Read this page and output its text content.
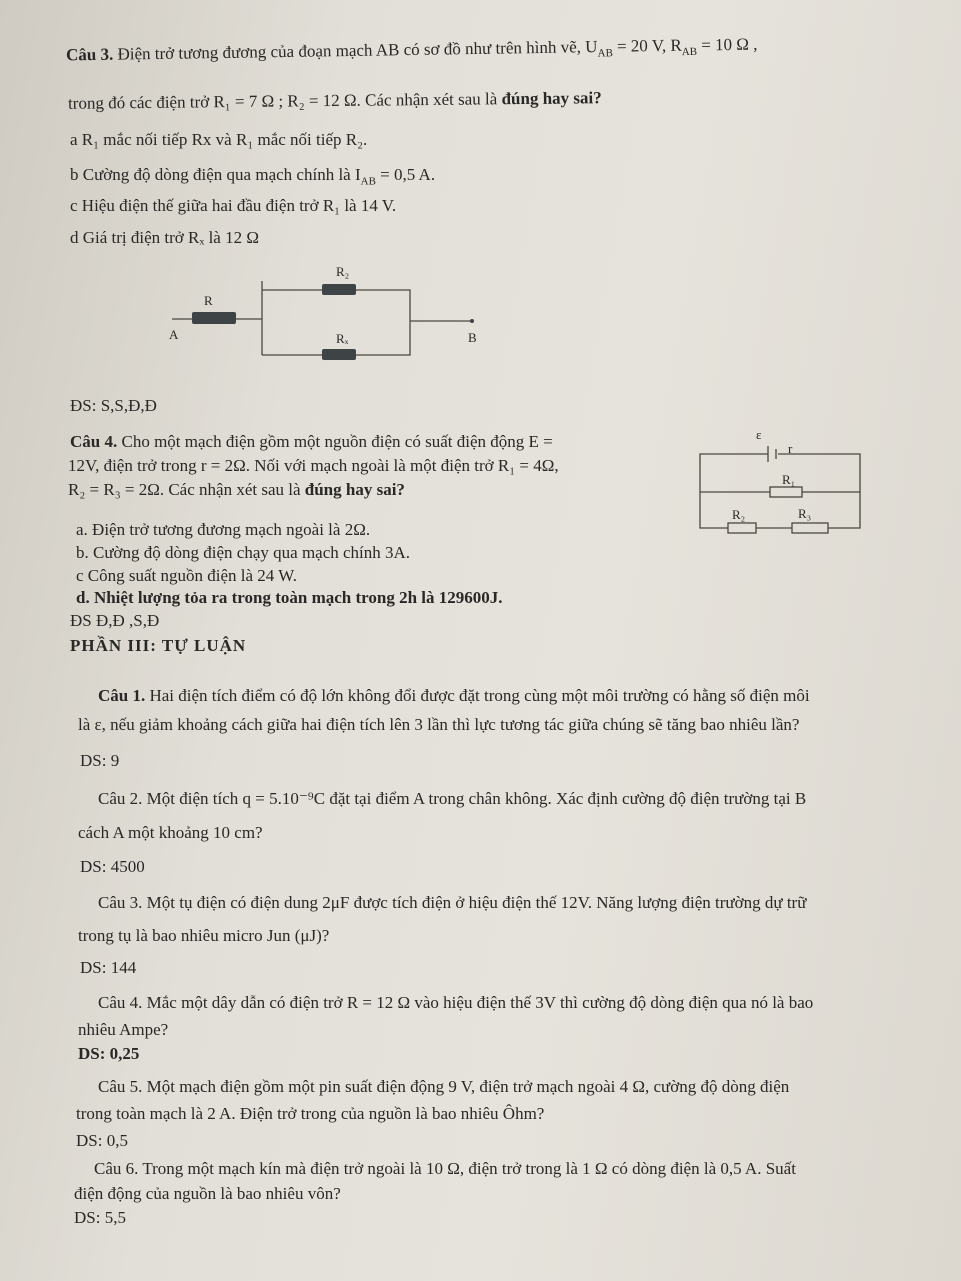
Câu 3. Điện trở tương đương của đoạn mạch AB có sơ đồ như trên hình vẽ, $U_{AB} = 20$ V, $R_{AB} = 10$ Ω ,
trong đó các điện trở R₁ = 7 Ω ; R₂ = 12 Ω. Các nhận xét sau là đúng hay sai?
a R₁ mắc nối tiếp Rx và R₁ mắc nối tiếp R₂.
b Cường độ dòng điện qua mạch chính là $I_{AB} = 0,5$ A.
c Hiệu điện thế giữa hai đầu điện trở R₁ là 14 V.
d Giá trị điện trở Rₓ là 12 Ω
R₂
R
A	Rₓ	B
ĐS: S,S,Đ,Đ
Câu 4. Cho một mạch điện gồm một nguồn điện có suất điện động E =
12V, điện trở trong r = 2Ω. Nối với mạch ngoài là một điện trở R₁ = 4Ω,
R₂ = R₃ = 2Ω. Các nhận xét sau là đúng hay sai?
a. Điện trở tương đương mạch ngoài là 2Ω.
b. Cường độ dòng điện chạy qua mạch chính 3A.
c Công suất nguồn điện là 24 W.
d. Nhiệt lượng tỏa ra trong toàn mạch trong 2h là 129600J.
ĐS Đ,Đ ,S,Đ
ε
r
R₁
R₂	R₃
PHẦN III: TỰ LUẬN
Câu 1. Hai điện tích điểm có độ lớn không đổi được đặt trong cùng một môi trường có hằng số điện môi
là ε, nếu giảm khoảng cách giữa hai điện tích lên 3 lần thì lực tương tác giữa chúng sẽ tăng bao nhiêu lần?
DS: 9
Câu 2. Một điện tích q = 5.10⁻⁹C đặt tại điểm A trong chân không. Xác định cường độ điện trường tại B
cách A một khoảng 10 cm?
DS: 4500
Câu 3. Một tụ điện có điện dung 2μF được tích điện ở hiệu điện thế 12V. Năng lượng điện trường dự trữ
trong tụ là bao nhiêu micro Jun (μJ)?
DS: 144
Câu 4. Mắc một dây dẫn có điện trở R = 12 Ω vào hiệu điện thế 3V thì cường độ dòng điện qua nó là bao
nhiêu Ampe?
DS: 0,25
Câu 5. Một mạch điện gồm một pin suất điện động 9 V, điện trở mạch ngoài 4 Ω, cường độ dòng điện
trong toàn mạch là 2 A. Điện trở trong của nguồn là bao nhiêu Ôhm?
DS: 0,5
Câu 6. Trong một mạch kín mà điện trở ngoài là 10 Ω, điện trở trong là 1 Ω có dòng điện là 0,5 A. Suất
điện động của nguồn là bao nhiêu vôn?
DS: 5,5
